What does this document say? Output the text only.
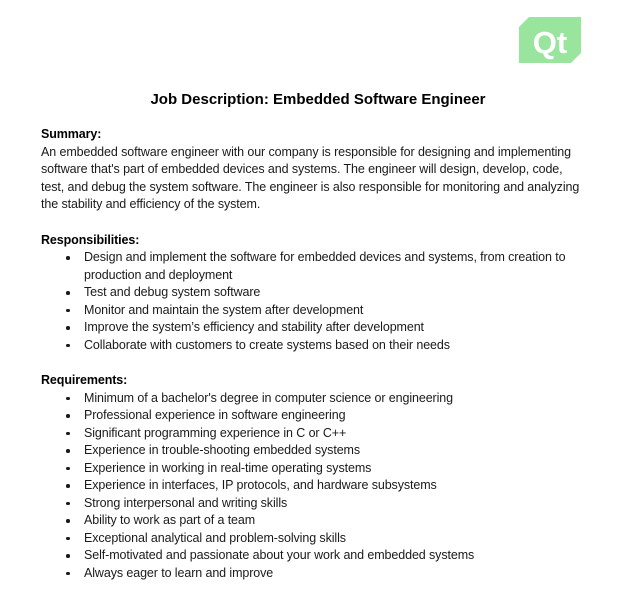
Qt
Job Description: Embedded Software Engineer
Summary:

An embedded software engineer with our company is responsible for designing and implementing software that's part of embedded devices and systems. The engineer will design, develop, code, test, and debug the system software. The engineer is also responsible for monitoring and analyzing the stability and efficiency of the system.

Responsibilities:
Design and implement the software for embedded devices and systems, from creation to production and deployment
Test and debug system software
Monitor and maintain the system after development
Improve the system’s efficiency and stability after development
Collaborate with customers to create systems based on their needs
Requirements:
Minimum of a bachelor's degree in computer science or engineering
Professional experience in software engineering
Significant programming experience in C or C++
Experience in trouble-shooting embedded systems
Experience in working in real-time operating systems
Experience in interfaces, IP protocols, and hardware subsystems
Strong interpersonal and writing skills
Ability to work as part of a team
Exceptional analytical and problem-solving skills
Self-motivated and passionate about your work and embedded systems
Always eager to learn and improve
